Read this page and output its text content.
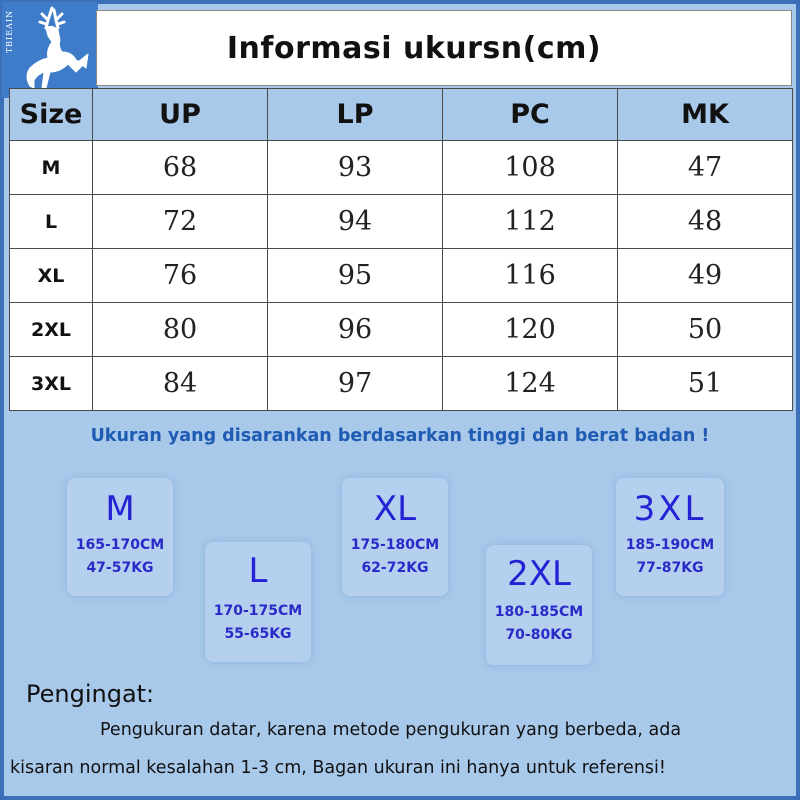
TBIEAIN	Informasi ukursn(cm)
Size	UP	LP	PC	MK
M	68	93	108	47
L	72	94	112	48
XL	76	95	116	49
2XL	80	96	120	50
3XL	84	97	124	51
Ukuran yang disarankan berdasarkan tinggi dan berat badan !
M
165-170CM
47-57KG	L
170-175CM
55-65KG
XL
175-180CM
62-72KG	2XL
180-185CM
70-80KG
3XL
185-190CM
77-87KG
Pengingat:
Pengukuran datar, karena metode pengukuran yang berbeda, ada
kisaran normal kesalahan 1-3 cm, Bagan ukuran ini hanya untuk referensi!
